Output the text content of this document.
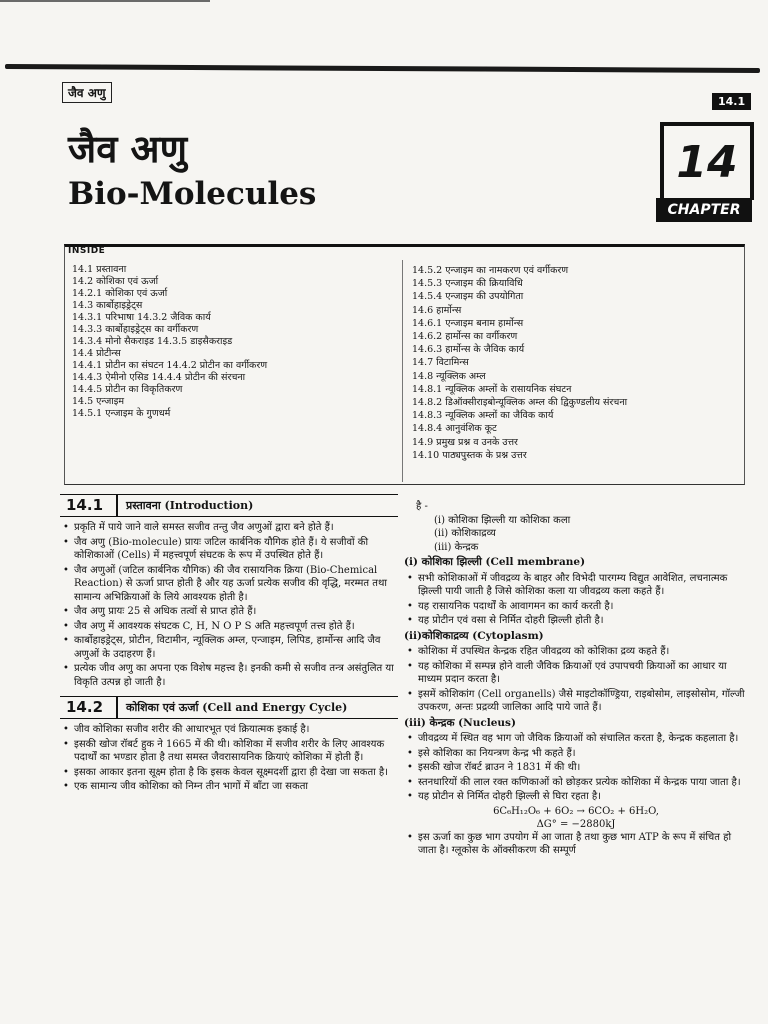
जैव अणु
14.1
जैव अणु
Bio-Molecules
14
CHAPTER
INSIDE
14.1 प्रस्तावना
14.2 कोशिका एवं ऊर्जा
14.2.1 कोशिका एवं ऊर्जा
14.3 कार्बोहाइड्रेट्स
14.3.1 परिभाषा 14.3.2 जैविक कार्य
14.3.3 कार्बोहाइड्रेट्स का वर्गीकरण
14.3.4 मोनो सैकराइड 14.3.5 डाइसैकराइड
14.4 प्रोटीन्स
14.4.1 प्रोटीन का संघटन 14.4.2 प्रोटीन का वर्गीकरण
14.4.3 ऐमीनो एसिड 14.4.4 प्रोटीन की संरचना
14.4.5 प्रोटीन का विकृतिकरण
14.5 एन्जाइम
14.5.1 एन्जाइम के गुणधर्म
14.5.2 एन्जाइम का नामकरण एवं वर्गीकरण
14.5.3 एन्जाइम की क्रियाविधि
14.5.4 एन्जाइम की उपयोगिता
14.6 हार्मोन्स
14.6.1 एन्जाइम बनाम हार्मोन्स
14.6.2 हार्मोन्स का वर्गीकरण
14.6.3 हार्मोन्स के जैविक कार्य
14.7 विटामिन्स
14.8 न्यूक्लिक अम्ल
14.8.1 न्यूक्लिक अम्लों के रासायनिक संघटन
14.8.2 डिऑक्सीराइबोन्यूक्लिक अम्ल की द्विकुण्डलीय संरचना
14.8.3 न्यूक्लिक अम्लों का जैविक कार्य
14.8.4 आनुवंशिक कूट
14.9 प्रमुख प्रश्न व उनके उत्तर
14.10 पाठ्यपुस्तक के प्रश्न उत्तर
14.1	प्रस्तावना (Introduction)
• प्रकृति में पाये जाने वाले समस्त सजीव तन्तु जैव अणुओं द्वारा बने होते हैं।
• जैव अणु (Bio-molecule) प्रायः जटिल कार्बनिक यौगिक होते हैं। ये सजीवों की कोशिकाओं (Cells) में महत्त्वपूर्ण संघटक के रूप में उपस्थित होते हैं।
• जैव अणुओं (जटिल कार्बनिक यौगिक) की जैव रासायनिक क्रिया (Bio-Chemical Reaction) से ऊर्जा प्राप्त होती है और यह ऊर्जा प्रत्येक सजीव की वृद्धि, मरम्मत तथा सामान्य अभिक्रियाओं के लिये आवश्यक होती है।
• जैव अणु प्रायः 25 से अधिक तत्वों से प्राप्त होते हैं।
• जैव अणु में आवश्यक संघटक C, H, N O P S अति महत्त्वपूर्ण तत्त्व होते हैं।
• कार्बोहाइड्रेट्स, प्रोटीन, विटामीन, न्यूक्लिक अम्ल, एन्जाइम, लिपिड, हार्मोन्स आदि जैव अणुओं के उदाहरण हैं।
• प्रत्येक जीव अणु का अपना एक विशेष महत्त्व है। इनकी कमी से सजीव तन्त्र असंतुलित या विकृति उत्पन्न हो जाती है।
14.2	कोशिका एवं ऊर्जा (Cell and Energy Cycle)
• जीव कोशिका सजीव शरीर की आधारभूत एवं क्रियात्मक इकाई है।
• इसकी खोज रॉबर्ट हुक ने 1665 में की थी। कोशिका में सजीव शरीर के लिए आवश्यक पदार्थों का भण्डार होता है तथा समस्त जैवरासायनिक क्रियाएं कोशिका में होती हैं।
• इसका आकार इतना सूक्ष्म होता है कि इसक केवल सूक्ष्मदर्शी द्वारा ही देखा जा सकता है।
• एक सामान्य जीव कोशिका को निम्न तीन भागों में बाँटा जा सकता
है -
(i) कोशिका झिल्ली या कोशिका कला
(ii) कोशिकाद्रव्य
(iii) केन्द्रक
(i) कोशिका झिल्ली (Cell membrane)
• सभी कोशिकाओं में जीवद्रव्य के बाहर और विभेदी पारगम्य विद्युत आवेशित, लचनात्मक झिल्ली पायी जाती है जिसे कोशिका कला या जीवद्रव्य कला कहते हैं।
• यह रासायनिक पदार्थों के आवागमन का कार्य करती है।
• यह प्रोटीन एवं वसा से निर्मित दोहरी झिल्ली होती है।
(ii)कोशिकाद्रव्य (Cytoplasm)
• कोशिका में उपस्थित केन्द्रक रहित जीवद्रव्य को कोशिका द्रव्य कहते हैं।
• यह कोशिका में सम्पन्न होने वाली जैविक क्रियाओं एवं उपापचयी क्रियाओं का आधार या माध्यम प्रदान करता है।
• इसमें कोशिकांग (Cell organells) जैसे माइटोकॉण्ड्रिया, राइबोसोम, लाइसोसोम, गॉल्जी उपकरण, अन्तः प्रद्रव्यी जालिका आदि पाये जाते हैं।
(iii) केन्द्रक (Nucleus)
• जीवद्रव्य में स्थित वह भाग जो जैविक क्रियाओं को संचालित करता है, केन्द्रक कहलाता है।
• इसे कोशिका का नियन्त्रण केन्द्र भी कहते हैं।
• इसकी खोज रॉबर्ट ब्राउन ने 1831 में की थी।
• स्तनधारियों की लाल रक्त कणिकाओं को छोड़कर प्रत्येक कोशिका में केन्द्रक पाया जाता है।
• यह प्रोटीन से निर्मित दोहरी झिल्ली से घिरा रहता है।
6C₆H₁₂O₆ + 6O₂ → 6CO₂ + 6H₂O,
ΔG° = −2880kJ
• इस ऊर्जा का कुछ भाग उपयोग में आ जाता है तथा कुछ भाग ATP के रूप में संचित हो जाता है। ग्लूकोस के ऑक्सीकरण की सम्पूर्ण
